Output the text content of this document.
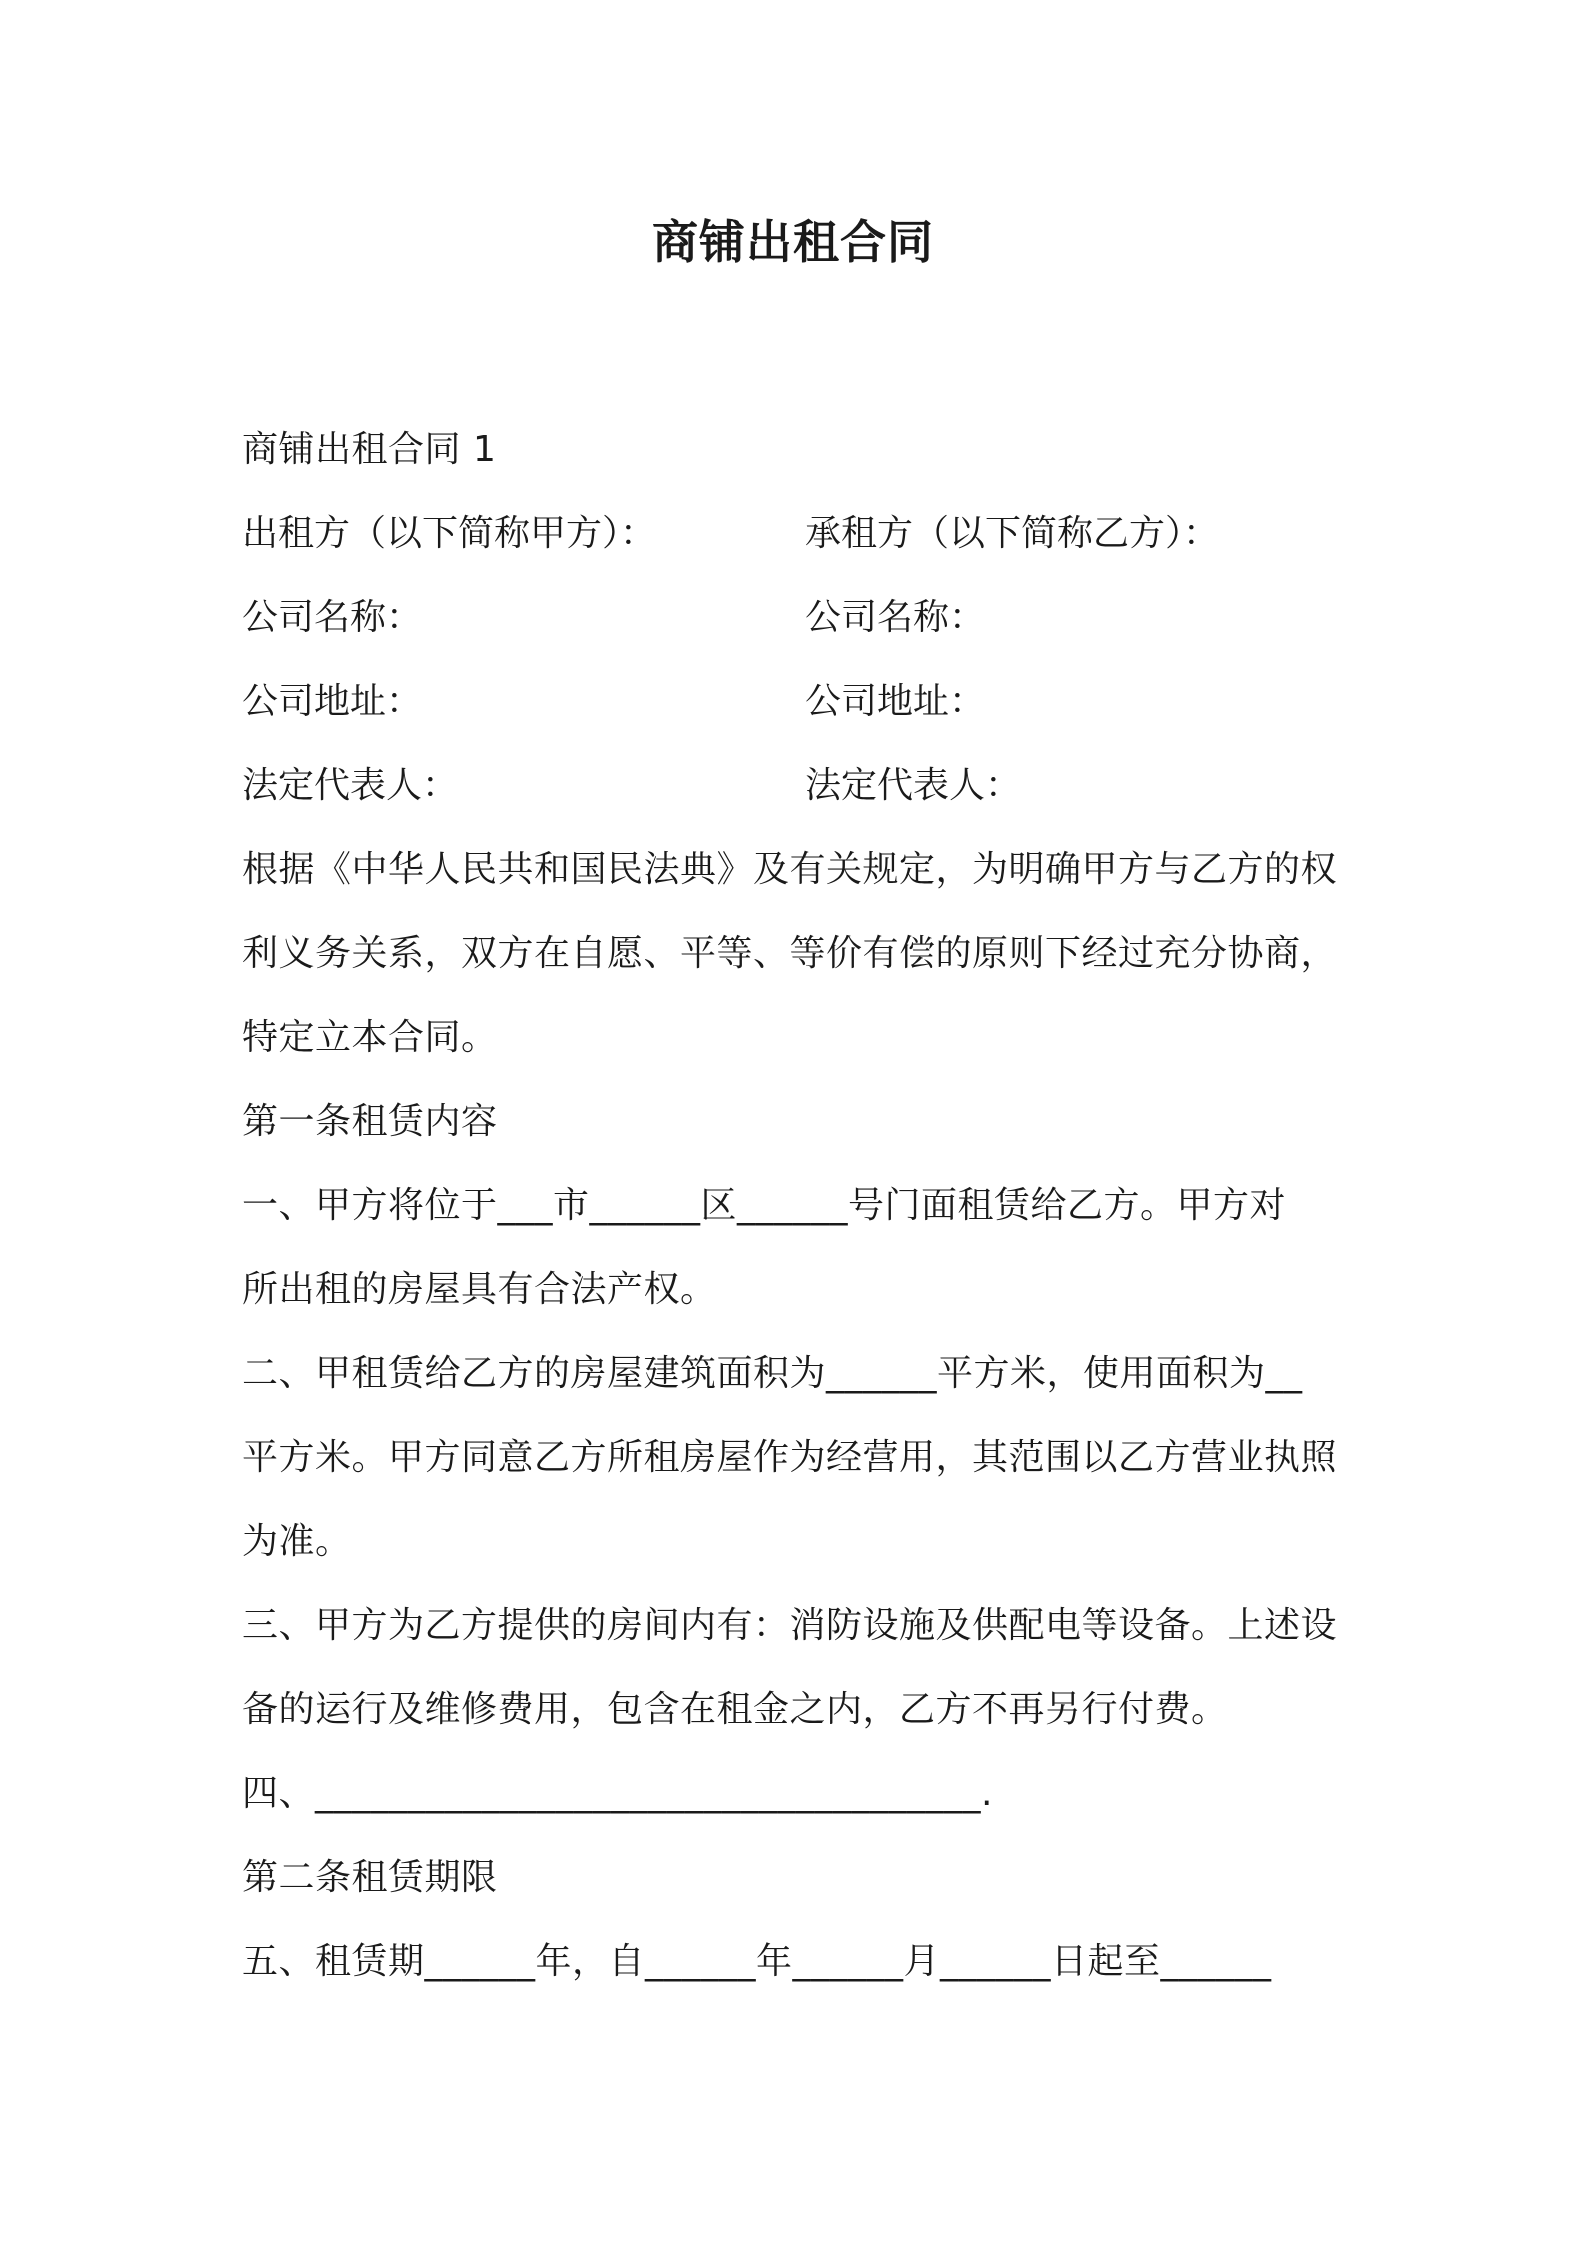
商铺出租合同
商铺出租合同 1
出租方（以下简称甲方）：	承租方（以下简称乙方）：
公司名称：	公司名称：
公司地址：	公司地址：
法定代表人：	法定代表人：
根据《中华人民共和国民法典》及有关规定，为明确甲方与乙方的权
利义务关系，双方在自愿、平等、等价有偿的原则下经过充分协商，
特定立本合同。
第一条租赁内容
一、甲方将位于___市______区______号门面租赁给乙方。甲方对
所出租的房屋具有合法产权。
二、甲租赁给乙方的房屋建筑面积为______平方米，使用面积为__
平方米。甲方同意乙方所租房屋作为经营用，其范围以乙方营业执照
为准。
三、甲方为乙方提供的房间内有：消防设施及供配电等设备。上述设
备的运行及维修费用，包含在租金之内，乙方不再另行付费。
四、____________________________________.
第二条租赁期限
五、租赁期______年，自______年______月______日起至______
